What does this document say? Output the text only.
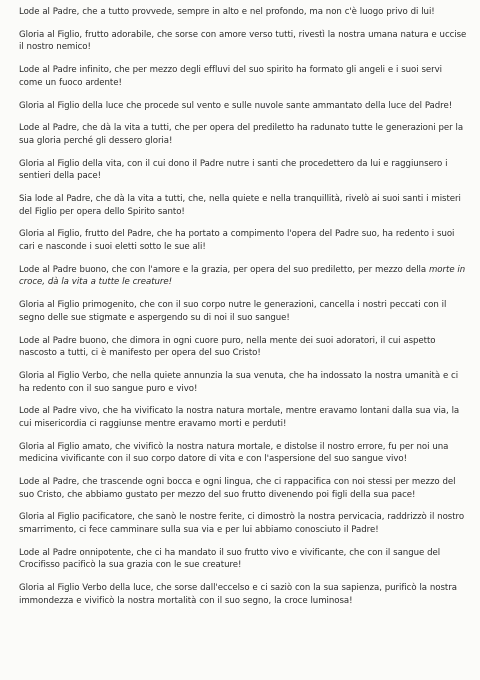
Lode al Padre, che a tutto provvede, sempre in alto e nel profondo, ma non c'è luogo privo di lui!

Gloria al Figlio, frutto adorabile, che sorse con amore verso tutti, rivestì la nostra umana natura e uccise il nostro nemico!

Lode al Padre infinito, che per mezzo degli effluvi del suo spirito ha formato gli angeli e i suoi servi come un fuoco ardente!

Gloria al Figlio della luce che procede sul vento e sulle nuvole sante ammantato della luce del Padre!

Lode al Padre, che dà la vita a tutti, che per opera del prediletto ha radunato tutte le generazioni per la sua gloria perché gli dessero gloria!

Gloria al Figlio della vita, con il cui dono il Padre nutre i santi che procedettero da lui e raggiunsero i sentieri della pace!

Sia lode al Padre, che dà la vita a tutti, che, nella quiete e nella tranquillità, rivelò ai suoi santi i misteri del Figlio per opera dello Spirito santo!

Gloria al Figlio, frutto del Padre, che ha portato a compimento l'opera del Padre suo, ha redento i suoi cari e nasconde i suoi eletti sotto le sue ali!

Lode al Padre buono, che con l'amore e la grazia, per opera del suo prediletto, per mezzo della morte in croce, dà la vita a tutte le creature!

Gloria al Figlio primogenito, che con il suo corpo nutre le generazioni, cancella i nostri peccati con il segno delle sue stigmate e aspergendo su di noi il suo sangue!

Lode al Padre buono, che dimora in ogni cuore puro, nella mente dei suoi adoratori, il cui aspetto nascosto a tutti, ci è manifesto per opera del suo Cristo!

Gloria al Figlio Verbo, che nella quiete annunzia la sua venuta, che ha indossato la nostra umanità e ci ha redento con il suo sangue puro e vivo!

Lode al Padre vivo, che ha vivificato la nostra natura mortale, mentre eravamo lontani dalla sua via, la cui misericordia ci raggiunse mentre eravamo morti e perduti!

Gloria al Figlio amato, che vivificò la nostra natura mortale, e distolse il nostro errore, fu per noi una medicina vivificante con il suo corpo datore di vita e con l'aspersione del suo sangue vivo!

Lode al Padre, che trascende ogni bocca e ogni lingua, che ci rappacifica con noi stessi per mezzo del suo Cristo, che abbiamo gustato per mezzo del suo frutto divenendo poi figli della sua pace!

Gloria al Figlio pacificatore, che sanò le nostre ferite, ci dimostrò la nostra pervicacia, raddrizzò il nostro smarrimento, ci fece camminare sulla sua via e per lui abbiamo conosciuto il Padre!

Lode al Padre onnipotente, che ci ha mandato il suo frutto vivo e vivificante, che con il sangue del Crocifisso pacificò la sua grazia con le sue creature!

Gloria al Figlio Verbo della luce, che sorse dall'eccelso e ci saziò con la sua sapienza, purificò la nostra immondezza e vivificò la nostra mortalità con il suo segno, la croce luminosa!
